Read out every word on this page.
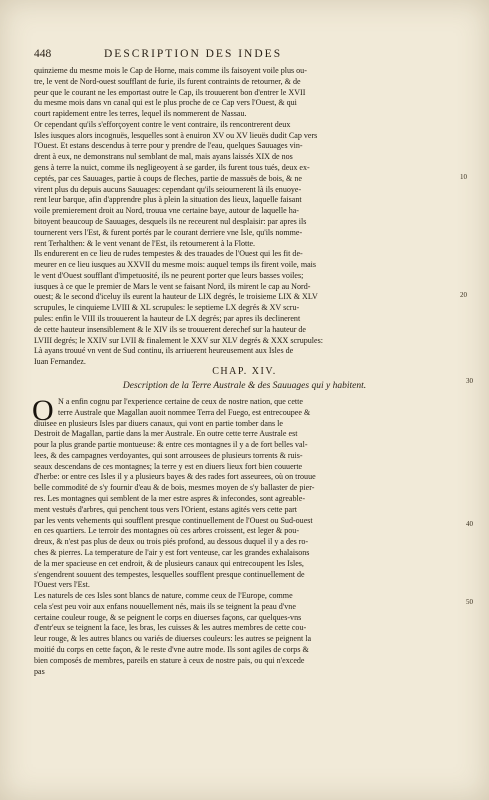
448	DESCRIPTION DES INDES
quinzieme du mesme mois le Cap de Horne, mais comme ils faisoyent voile plus ou-
tre, le vent de Nord-ouest soufflant de furie, ils furent contraints de retourner, & de
peur que le courant ne les emportast outre le Cap, ils trouuerent bon d'entrer le XVII
du mesme mois dans vn canal qui est le plus proche de ce Cap vers l'Ouest, & qui
court rapidement entre les terres, lequel ils nommerent de Nassau.
Or cependant qu'ils s'efforçoyent contre le vent contraire, ils rencontrerent deux
Isles iusques alors incognuës, lesquelles sont à enuiron XV ou XV lieuës dudit Cap vers
l'Ouest. Et estans descendus à terre pour y prendre de l'eau, quelques Sauuages vin-
drent à eux, ne demonstrans nul semblant de mal, mais ayans laissés XIX de nos
gens à terre la nuict, comme ils negligeoyent à se garder, ils furent tous tués, deux ex-
ceptés, par ces Sauuages, partie à coups de fleches, partie de massuës de bois, & ne
virent plus du depuis aucuns Sauuages: cependant qu'ils seiournerent là ils enuoye-
rent leur barque, afin d'apprendre plus à plein la situation des lieux, laquelle faisant
voile premierement droit au Nord, trouua vne certaine baye, autour de laquelle ha-
bitoyent beaucoup de Sauuages, desquels ils ne receurent nul desplaisir: par apres ils
tournerent vers l'Est, & furent portés par le courant derriere vne Isle, qu'ils nomme-
rent Terhalthen: & le vent venant de l'Est, ils retournerent à la Flotte.
Ils endurerent en ce lieu de rudes tempestes & des trauades de l'Ouest qui les fit de-
meurer en ce lieu iusques au XXVII du mesme mois: auquel temps ils firent voile, mais
le vent d'Ouest soufflant d'impetuosité, ils ne peurent porter que leurs basses voiles;
iusques à ce que le premier de Mars le vent se faisant Nord, ils mirent le cap au Nord-
ouest; & le second d'iceluy ils eurent la hauteur de LIX degrés, le troisieme LIX & XLV
scrupules, le cinquieme LVIII & XL scrupules: le septieme LX degrés & XV scru-
pules: enfin le VIII ils trouuerent la hauteur de LX degrés; par apres ils declinerent
de cette hauteur insensiblement & le XIV ils se trouuerent derechef sur la hauteur de
LVIII degrés; le XXIV sur LVII & finalement le XXV sur XLV degrés & XXX scrupules:
Là ayans trouué vn vent de Sud continu, ils arriuerent heureusement aux Isles de
Iuan Fernandez.
CHAP. XIV.
Description de la Terre Australe & des Sauuages qui y habitent.
O N a enfin cognu par l'experience certaine de ceux de nostre nation, que cette
terre Australe que Magallan auoit nommee Terra del Fuego, est entrecoupee &
diuisee en plusieurs Isles par diuers canaux, qui vont en partie tomber dans le
Destroit de Magallan, partie dans la mer Australe. En outre cette terre Australe est
pour la plus grande partie montueuse: & entre ces montagnes il y a de fort belles val-
lees, & des campagnes verdoyantes, qui sont arrousees de plusieurs torrents & ruis-
seaux descendans de ces montagnes; la terre y est en diuers lieux fort bien couuerte
d'herbe: or entre ces Isles il y a plusieurs bayes & des rades fort asseurees, où on trouue
belle commodité de s'y fournir d'eau & de bois, mesmes moyen de s'y ballaster de pier-
res. Les montagnes qui semblent de la mer estre aspres & infecondes, sont agreable-
ment vestuës d'arbres, qui penchent tous vers l'Orient, estans agités vers cette part
par les vents vehements qui soufflent presque continuellement de l'Ouest ou Sud-ouest
en ces quartiers. Le terroir des montagnes où ces arbres croissent, est leger & pou-
dreux, & n'est pas plus de deux ou trois piés profond, au dessous duquel il y a des ro-
ches & pierres. La temperature de l'air y est fort venteuse, car les grandes exhalaisons
de la mer spacieuse en cet endroit, & de plusieurs canaux qui entrecoupent les Isles,
s'engendrent souuent des tempestes, lesquelles soufflent presque continuellement de
l'Ouest vers l'Est.
Les naturels de ces Isles sont blancs de nature, comme ceux de l'Europe, comme
cela s'est peu voir aux enfans nouuellement nés, mais ils se teignent la peau d'vne
certaine couleur rouge, & se peignent le corps en diuerses façons, car quelques-vns
d'entr'eux se teignent la face, les bras, les cuisses & les autres membres de cette cou-
leur rouge, & les autres blancs ou variés de diuerses couleurs: les autres se peignent la
moitié du corps en cette façon, & le reste d'vne autre mode. Ils sont agiles de corps &
bien composés de membres, pareils en stature à ceux de nostre pais, ou qui n'excede
pas
10
20
30
40
50
